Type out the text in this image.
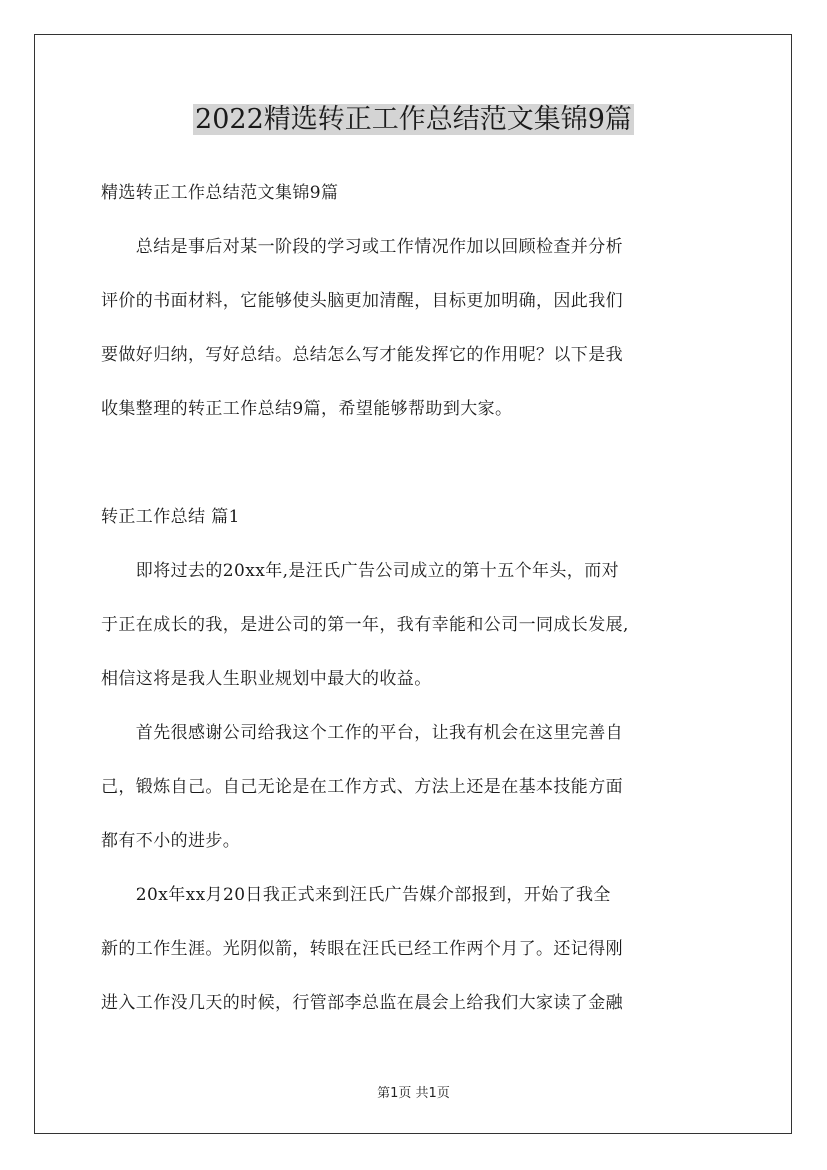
2022精选转正工作总结范文集锦9篇

精选转正工作总结范文集锦9篇

　　总结是事后对某一阶段的学习或工作情况作加以回顾检查并分析

评价的书面材料，它能够使头脑更加清醒，目标更加明确，因此我们

要做好归纳，写好总结。总结怎么写才能发挥它的作用呢？以下是我

收集整理的转正工作总结9篇，希望能够帮助到大家。

转正工作总结 篇1

　　即将过去的20xx年,是汪氏广告公司成立的第十五个年头，而对

于正在成长的我，是进公司的第一年，我有幸能和公司一同成长发展,

相信这将是我人生职业规划中最大的收益。

　　首先很感谢公司给我这个工作的平台，让我有机会在这里完善自

己，锻炼自己。自己无论是在工作方式、方法上还是在基本技能方面

都有不小的进步。

　　20x年xx月20日我正式来到汪氏广告媒介部报到，开始了我全

新的工作生涯。光阴似箭，转眼在汪氏已经工作两个月了。还记得刚

进入工作没几天的时候，行管部李总监在晨会上给我们大家读了金融

第1页 共1页
